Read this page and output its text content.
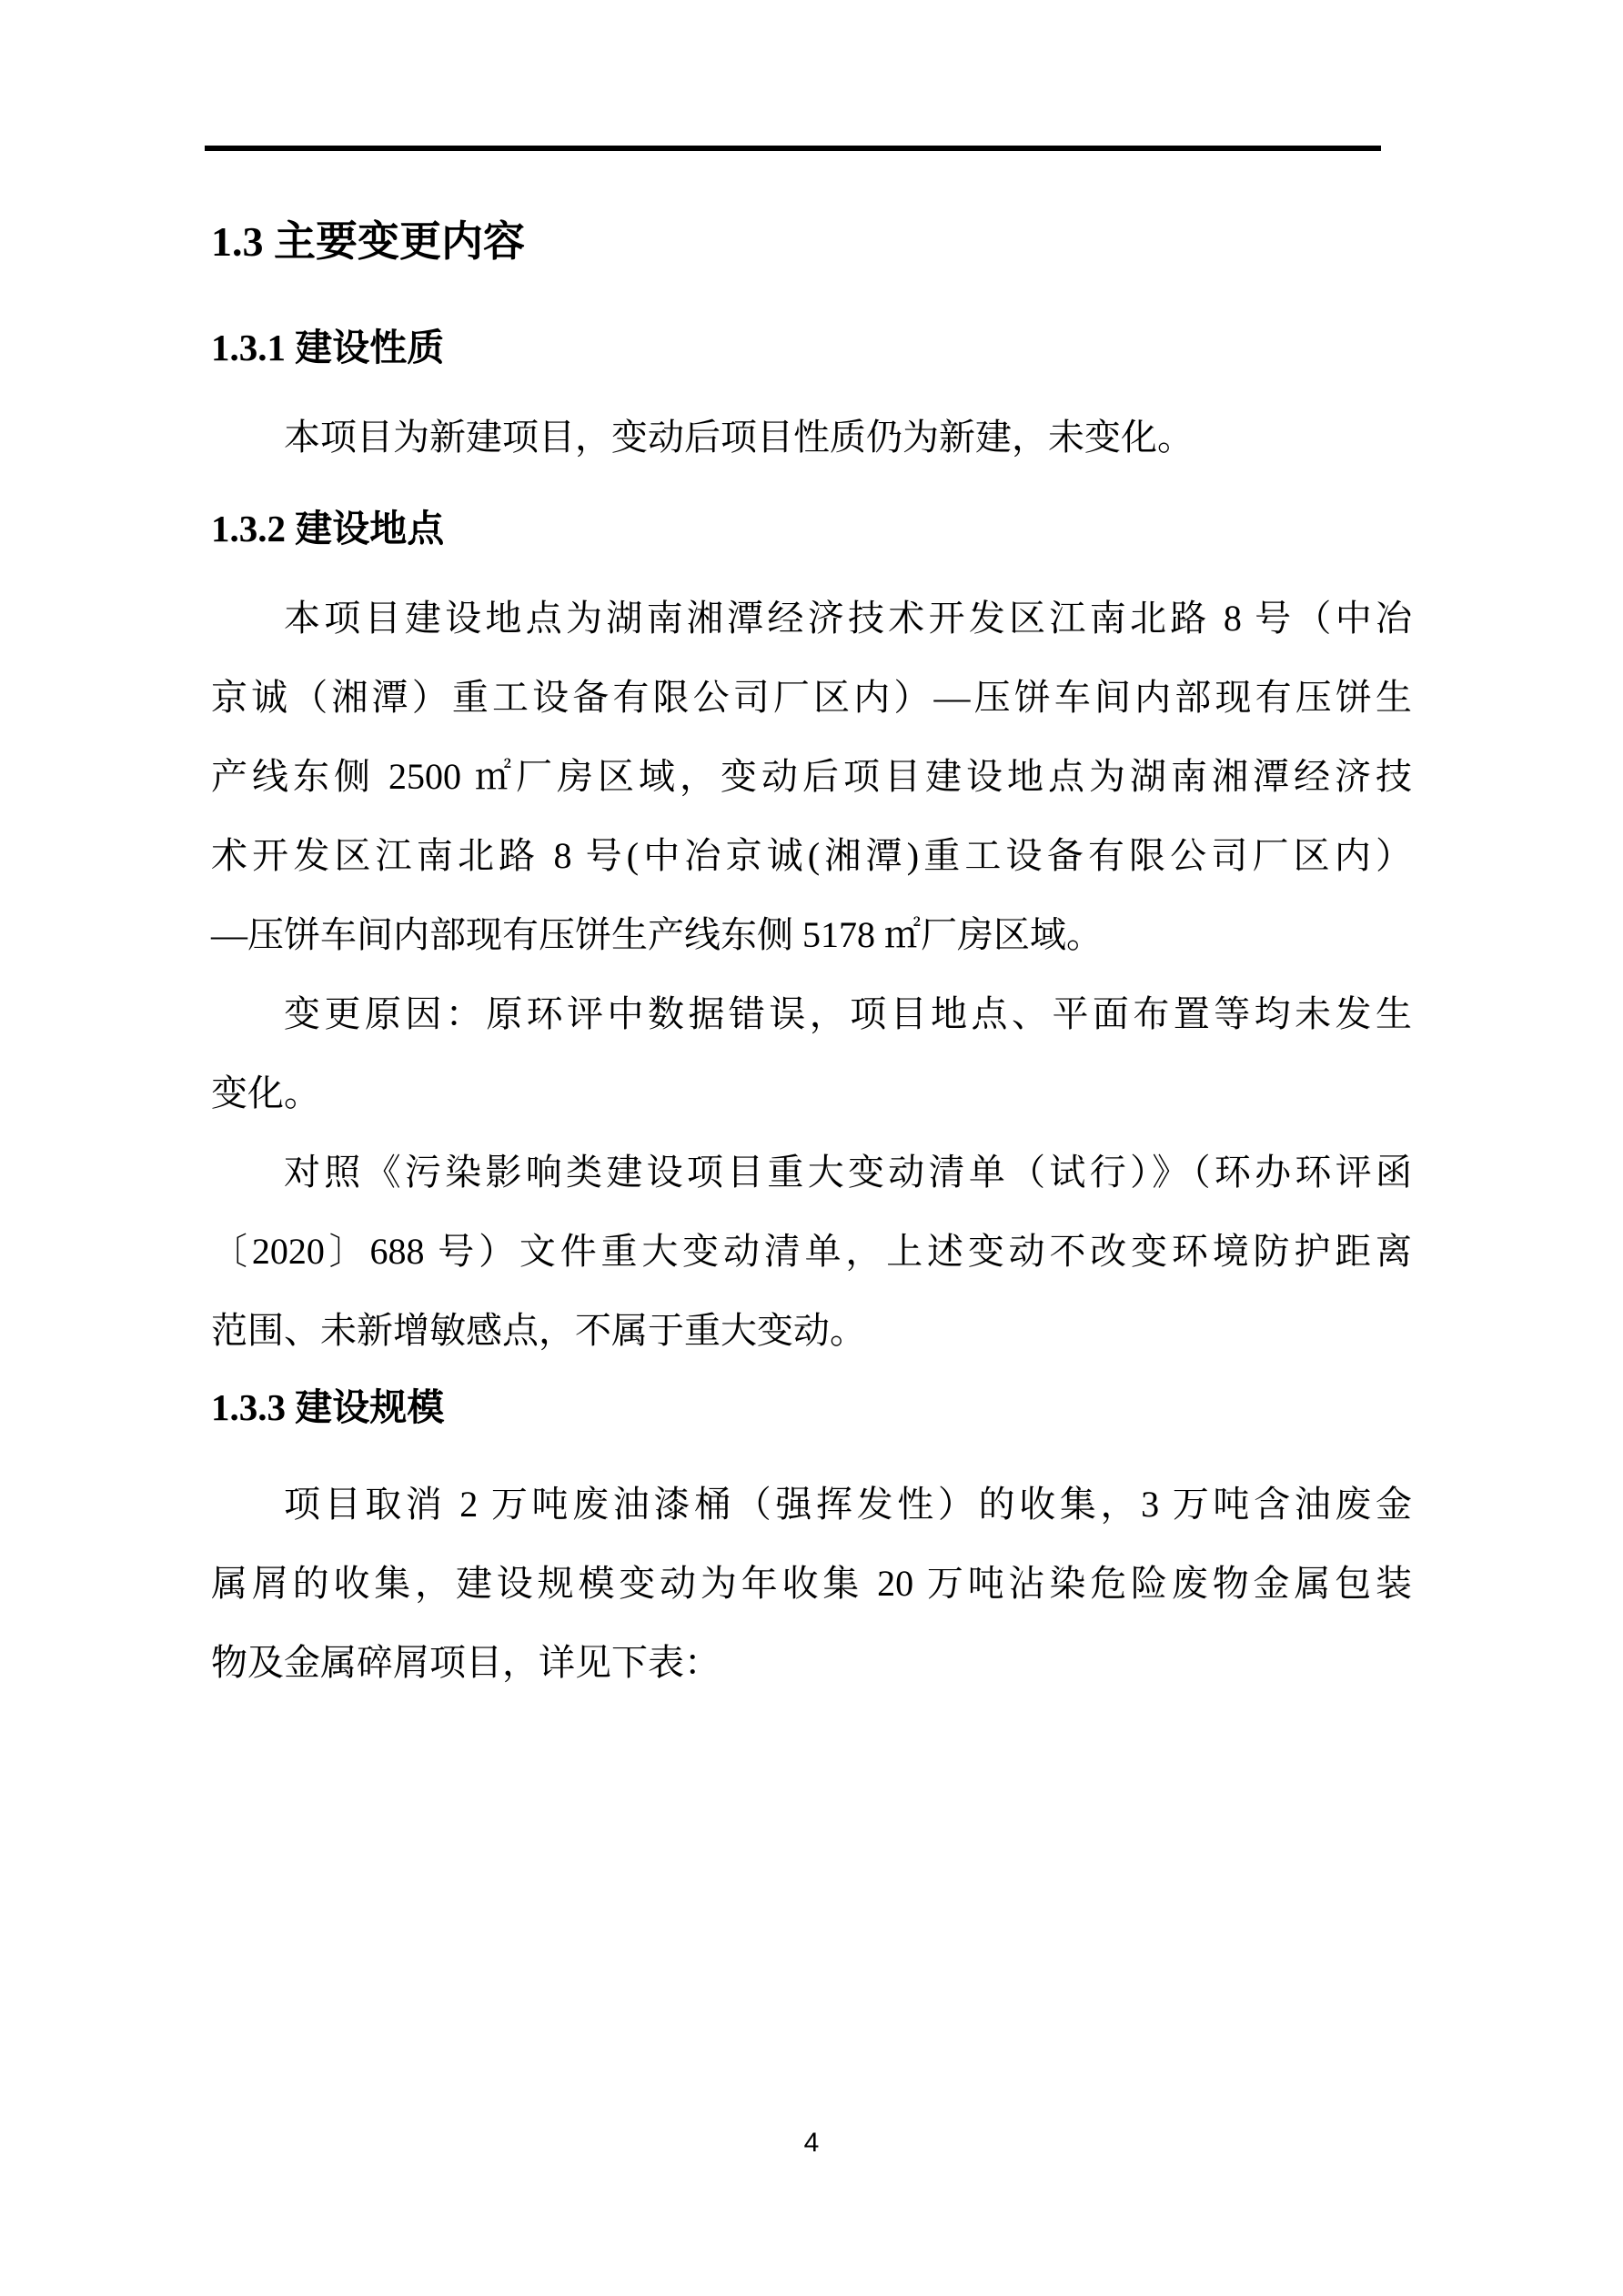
1.3 主要变更内容
1.3.1 建设性质
本项目为新建项目，变动后项目性质仍为新建，未变化。
1.3.2 建设地点
本项目建设地点为湖南湘潭经济技术开发区江南北路 8 号（中冶
京诚（湘潭）重工设备有限公司厂区内）—压饼车间内部现有压饼生
产线东侧 2500 ㎡厂房区域，变动后项目建设地点为湖南湘潭经济技
术开发区江南北路 8 号(中冶京诚(湘潭)重工设备有限公司厂区内）
—压饼车间内部现有压饼生产线东侧 5178 ㎡厂房区域。
变更原因：原环评中数据错误，项目地点、平面布置等均未发生
变化。
对照《污染影响类建设项目重大变动清单（试行）》（环办环评函
〔2020〕688 号）文件重大变动清单，上述变动不改变环境防护距离
范围、未新增敏感点，不属于重大变动。
1.3.3 建设规模
项目取消 2 万吨废油漆桶（强挥发性）的收集，3 万吨含油废金
属屑的收集，建设规模变动为年收集 20 万吨沾染危险废物金属包装
物及金属碎屑项目，详见下表：
4
